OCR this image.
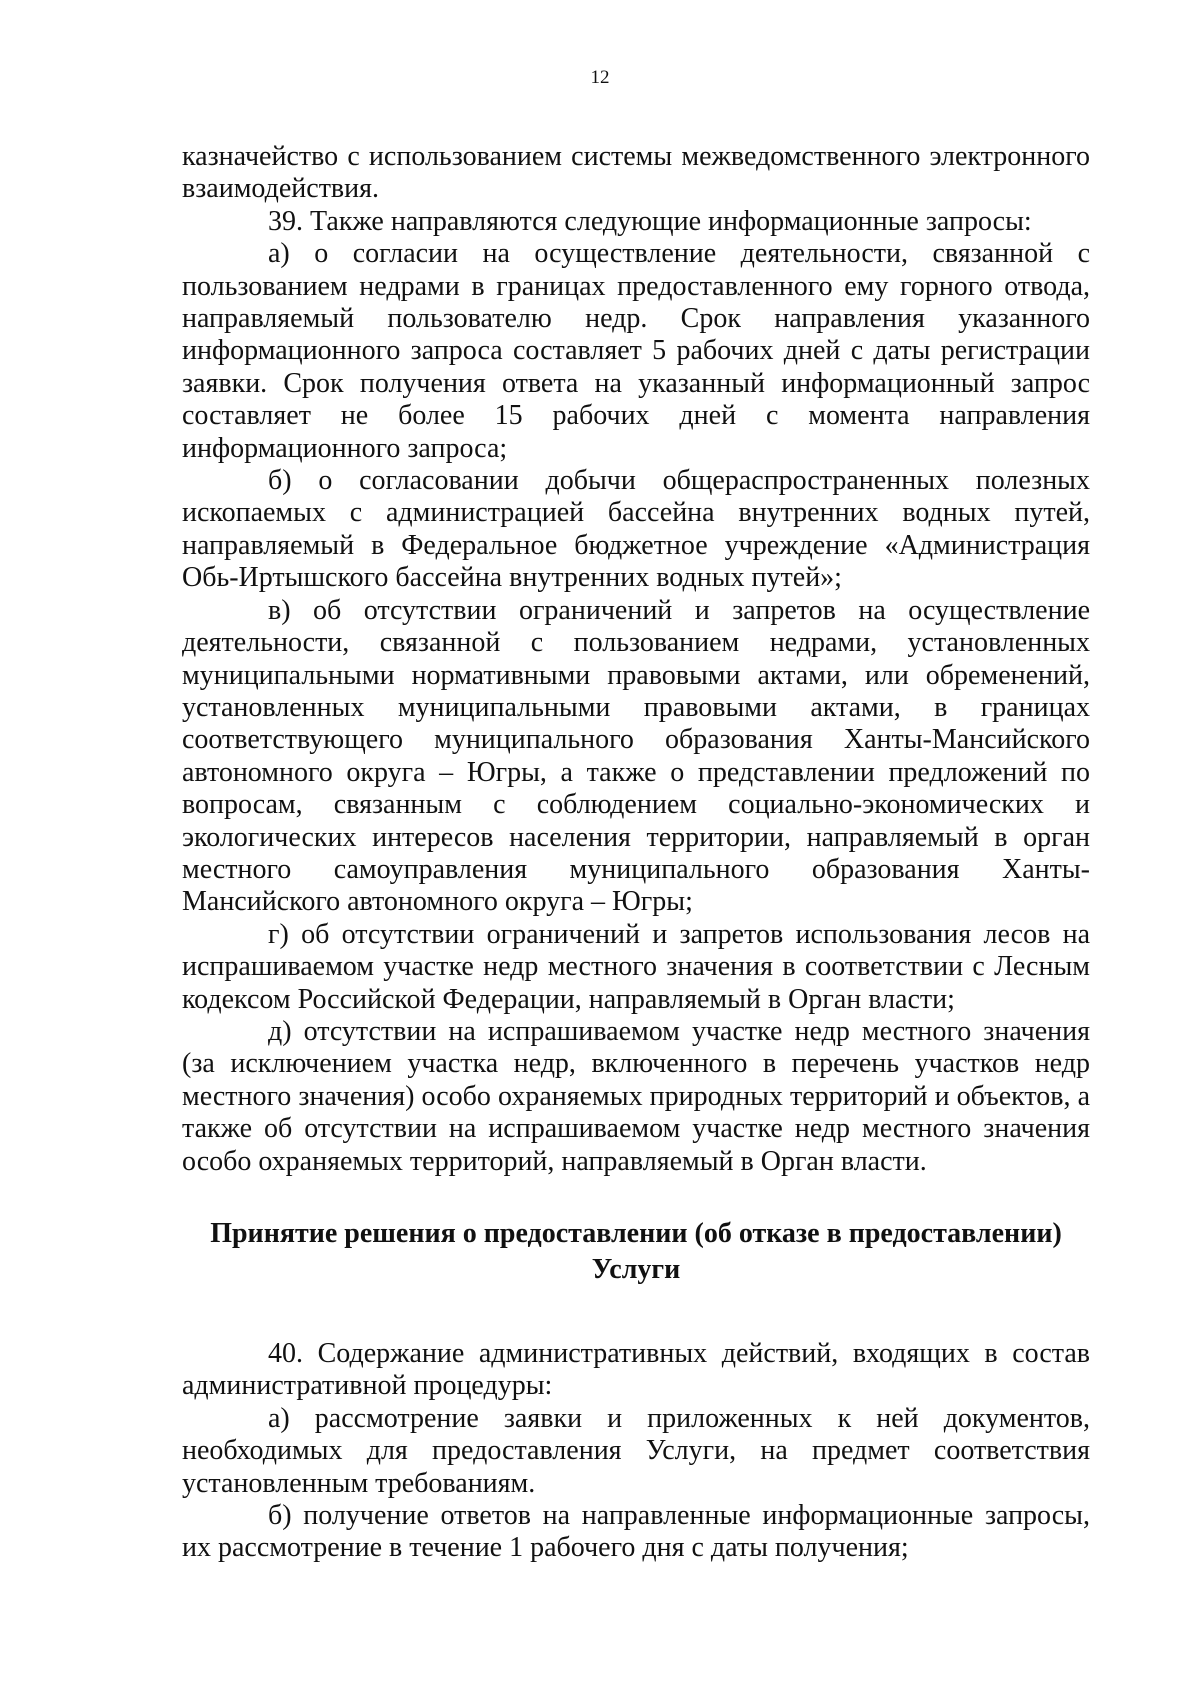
12

казначейство с использованием системы межведомственного электронного взаимодействия.

39. Также направляются следующие информационные запросы:

а) о согласии на осуществление деятельности, связанной с пользованием недрами в границах предоставленного ему горного отвода, направляемый пользователю недр. Срок направления указанного информационного запроса составляет 5 рабочих дней с даты регистрации заявки. Срок получения ответа на указанный информационный запрос составляет не более 15 рабочих дней с момента направления информационного запроса;

б) о согласовании добычи общераспространенных полезных ископаемых с администрацией бассейна внутренних водных путей, направляемый в Федеральное бюджетное учреждение «Администрация Обь-Иртышского бассейна внутренних водных путей»;

в) об отсутствии ограничений и запретов на осуществление деятельности, связанной с пользованием недрами, установленных муниципальными нормативными правовыми актами, или обременений, установленных муниципальными правовыми актами, в границах соответствующего муниципального образования Ханты-Мансийского автономного округа – Югры, а также о представлении предложений по вопросам, связанным с соблюдением социально-экономических и экологических интересов населения территории, направляемый в орган местного самоуправления муниципального образования Ханты-Мансийского автономного округа – Югры;

г) об отсутствии ограничений и запретов использования лесов на испрашиваемом участке недр местного значения в соответствии с Лесным кодексом Российской Федерации, направляемый в Орган власти;

д) отсутствии на испрашиваемом участке недр местного значения (за исключением участка недр, включенного в перечень участков недр местного значения) особо охраняемых природных территорий и объектов, а также об отсутствии на испрашиваемом участке недр местного значения особо охраняемых территорий, направляемый в Орган власти.

Принятие решения о предоставлении (об отказе в предоставлении)
Услуги

40. Содержание административных действий, входящих в состав административной процедуры:

а) рассмотрение заявки и приложенных к ней документов, необходимых для предоставления Услуги, на предмет соответствия установленным требованиям.

б) получение ответов на направленные информационные запросы, их рассмотрение в течение 1 рабочего дня с даты получения;
